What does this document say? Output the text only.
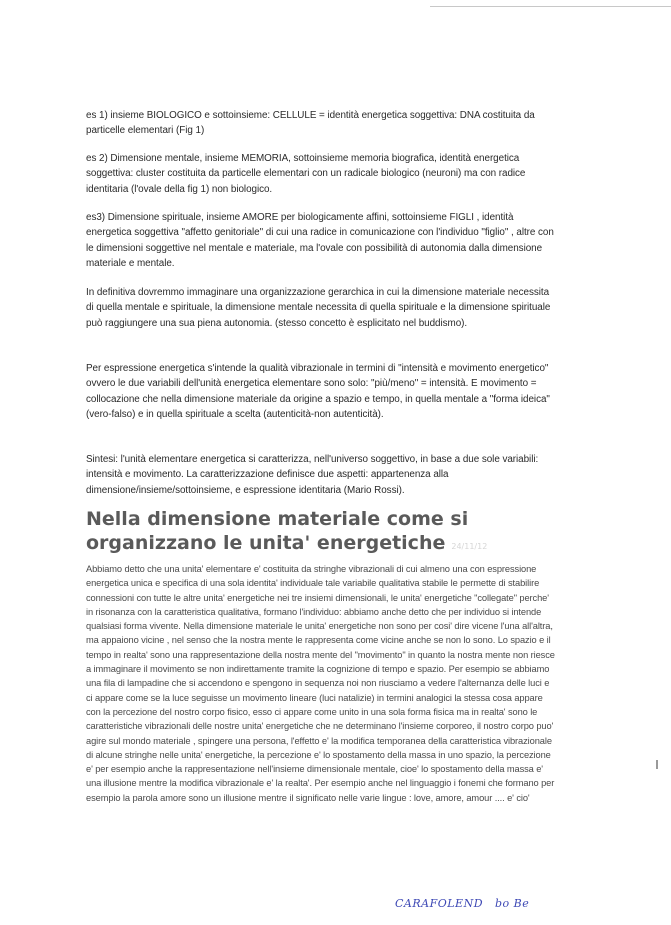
es 1) insieme BIOLOGICO e sottoinsieme: CELLULE = identità energetica soggettiva: DNA costituita da particelle elementari (Fig 1)

es 2) Dimensione mentale, insieme MEMORIA, sottoinsieme memoria biografica, identità energetica soggettiva: cluster costituita da particelle elementari con un radicale biologico (neuroni) ma con radice identitaria (l'ovale della fig 1) non biologico.

es3) Dimensione spirituale, insieme AMORE per biologicamente affini, sottoinsieme FIGLI , identità energetica soggettiva "affetto genitoriale" di cui una radice in comunicazione con l'individuo "figlio" , altre con le dimensioni soggettive nel mentale e materiale, ma l'ovale con possibilità di autonomia dalla dimensione materiale e mentale.

In definitiva dovremmo immaginare una organizzazione gerarchica in cui la dimensione materiale necessita di quella mentale e spirituale, la dimensione mentale necessita di quella spirituale e la dimensione spirituale può raggiungere una sua piena autonomia. (stesso concetto è esplicitato nel buddismo).

Per espressione energetica s'intende la qualità vibrazionale in termini di "intensità e movimento energetico" ovvero le due variabili dell'unità energetica elementare sono solo: "più/meno" = intensità. E movimento = collocazione che nella dimensione materiale da origine a spazio e tempo, in quella mentale a "forma ideica"(vero-falso) e in quella spirituale a scelta (autenticità-non autenticità).

Sintesi: l'unità elementare energetica si caratterizza, nell'universo soggettivo, in base a due sole variabili: intensità e movimento. La caratterizzazione definisce due aspetti: appartenenza alla dimensione/insieme/sottoinsieme, e espressione identitaria (Mario Rossi).

Nella dimensione materiale come si organizzano le unita' energetiche 24/11/12

Abbiamo detto che una unita' elementare e' costituita da stringhe vibrazionali di cui almeno una con espressione energetica unica e specifica di una sola identita' individuale tale variabile qualitativa stabile le permette di stabilire connessioni con tutte le altre unita' energetiche nei tre insiemi dimensionali, le unita' energetiche "collegate" perche' in risonanza con la caratteristica qualitativa, formano l'individuo: abbiamo anche detto che per individuo si intende qualsiasi forma vivente. Nella dimensione materiale le unita' energetiche non sono per cosi' dire vicene l'una all'altra, ma appaiono vicine , nel senso che la nostra mente le rappresenta come vicine anche se non lo sono. Lo spazio e il tempo in realta' sono una rappresentazione della nostra mente del "movimento" in quanto la nostra mente non riesce a immaginare il movimento se non indirettamente tramite la cognizione di tempo e spazio. Per esempio se abbiamo una fila di lampadine che si accendono e spengono in sequenza noi non riusciamo a vedere l'alternanza delle luci e ci appare come se la luce seguisse un movimento lineare (luci natalizie) in termini analogici la stessa cosa appare con la percezione del nostro corpo fisico, esso ci appare come unito in una sola forma fisica ma in realta' sono le caratteristiche vibrazionali delle nostre unita' energetiche che ne determinano l'insieme corporeo, il nostro corpo puo' agire sul mondo materiale , spingere una persona, l'effetto e' la modifica temporanea della caratteristica vibrazionale di alcune stringhe nelle unita' energetiche, la percezione e' lo spostamento della massa in uno spazio, la percezione e' per esempio anche la rappresentazione nell'insieme dimensionale mentale, cioe' lo spostamento della massa e' una illusione mentre la modifica vibrazionale e' la realta'. Per esempio anche nel linguaggio i fonemi che formano per esempio la parola amore sono un illusione mentre il significato nelle varie lingue : love, amore, amour .... e' cio'

CARAFOLEND bo Be
